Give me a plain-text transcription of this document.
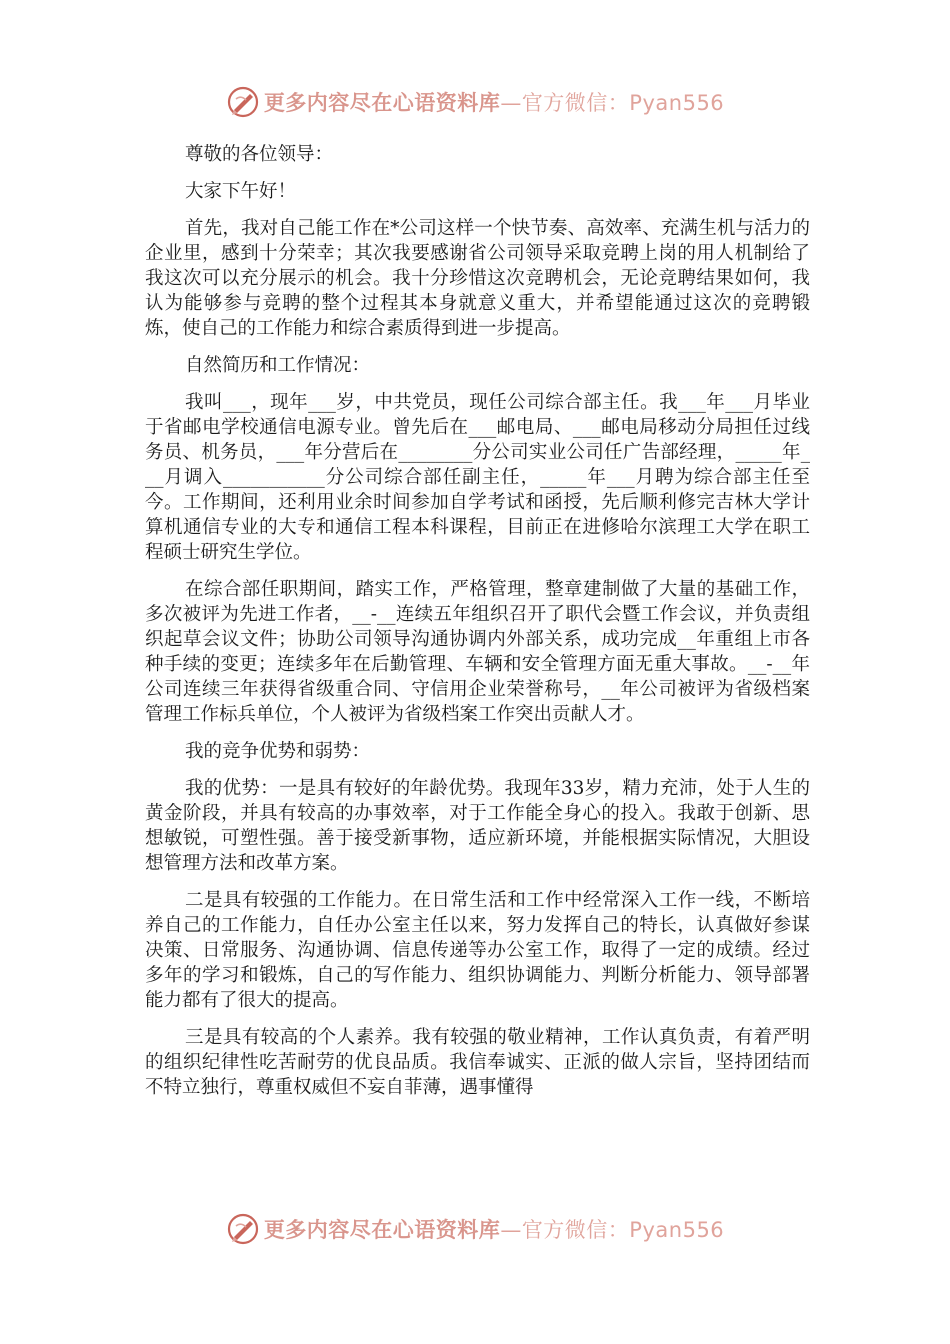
更多内容尽在心语资料库—官方微信：Pyan556

尊敬的各位领导：

大家下午好！

首先，我对自己能工作在*公司这样一个快节奏、高效率、充满生机与活力的企业里，感到十分荣幸；其次我要感谢省公司领导采取竞聘上岗的用人机制给了我这次可以充分展示的机会。我十分珍惜这次竞聘机会，无论竞聘结果如何，我认为能够参与竞聘的整个过程其本身就意义重大，并希望能通过这次的竞聘锻炼，使自己的工作能力和综合素质得到进一步提高。

自然简历和工作情况：

我叫___，现年___岁，中共党员，现任公司综合部主任。我___年___月毕业于省邮电学校通信电源专业。曾先后在___邮电局、___邮电局移动分局担任过线务员、机务员，___年分营后在________分公司实业公司任广告部经理，_____年___月调入___________分公司综合部任副主任，_____年___月聘为综合部主任至今。工作期间，还利用业余时间参加自学考试和函授，先后顺利修完吉林大学计算机通信专业的大专和通信工程本科课程，目前正在进修哈尔滨理工大学在职工程硕士研究生学位。

在综合部任职期间，踏实工作，严格管理，整章建制做了大量的基础工作，多次被评为先进工作者，__-__连续五年组织召开了职代会暨工作会议，并负责组织起草会议文件；协助公司领导沟通协调内外部关系，成功完成__年重组上市各种手续的变更；连续多年在后勤管理、车辆和安全管理方面无重大事故。__-__年公司连续三年获得省级重合同、守信用企业荣誉称号，__年公司被评为省级档案管理工作标兵单位，个人被评为省级档案工作突出贡献人才。

我的竞争优势和弱势：

我的优势：一是具有较好的年龄优势。我现年33岁，精力充沛，处于人生的黄金阶段，并具有较高的办事效率，对于工作能全身心的投入。我敢于创新、思想敏锐，可塑性强。善于接受新事物，适应新环境，并能根据实际情况，大胆设想管理方法和改革方案。

二是具有较强的工作能力。在日常生活和工作中经常深入工作一线，不断培养自己的工作能力，自任办公室主任以来，努力发挥自己的特长，认真做好参谋决策、日常服务、沟通协调、信息传递等办公室工作，取得了一定的成绩。经过多年的学习和锻炼，自己的写作能力、组织协调能力、判断分析能力、领导部署能力都有了很大的提高。

三是具有较高的个人素养。我有较强的敬业精神，工作认真负责，有着严明的组织纪律性吃苦耐劳的优良品质。我信奉诚实、正派的做人宗旨，坚持团结而不特立独行，尊重权威但不妄自菲薄，遇事懂得

更多内容尽在心语资料库—官方微信：Pyan556
